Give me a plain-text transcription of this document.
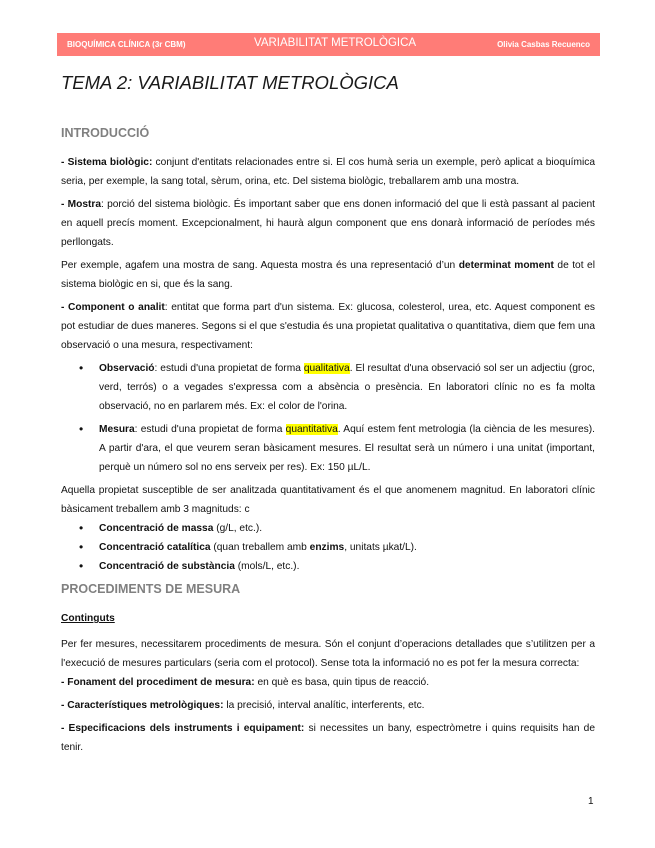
BIOQUÍMICA CLÍNICA (3r CBM)	VARIABILITAT METROLÒGICA	Olivia Casbas Recuenco
TEMA 2: VARIABILITAT METROLÒGICA
INTRODUCCIÓ

- Sistema biològic: conjunt d'entitats relacionades entre si. El cos humà seria un exemple, però aplicat a bioquímica seria, per exemple, la sang total, sèrum, orina, etc. Del sistema biològic, treballarem amb una mostra.

- Mostra: porció del sistema biològic. És important saber que ens donen informació del que li està passant al pacient en aquell precís moment. Excepcionalment, hi haurà algun component que ens donarà informació de períodes més perllongats.

Per exemple, agafem una mostra de sang. Aquesta mostra és una representació d’un determinat moment de tot el sistema biològic en si, que és la sang.

- Component o analit: entitat que forma part d'un sistema. Ex: glucosa, colesterol, urea, etc. Aquest component es pot estudiar de dues maneres. Segons si el que s'estudia és una propietat qualitativa o quantitativa, diem que fem una observació o una mesura, respectivament:

• Observació: estudi d'una propietat de forma qualitativa. El resultat d'una observació sol ser un adjectiu (groc, verd, terrós) o a vegades s'expressa com a absència o presència. En laboratori clínic no es fa molta observació, no en parlarem més. Ex: el color de l'orina.
• Mesura: estudi d'una propietat de forma quantitativa. Aquí estem fent metrologia (la ciència de les mesures). A partir d'ara, el que veurem seran bàsicament mesures. El resultat serà un número i una unitat (important, perquè un número sol no ens serveix per res). Ex: 150 µL/L.

Aquella propietat susceptible de ser analitzada quantitativament és el que anomenem magnitud. En laboratori clínic bàsicament treballem amb 3 magnituds: c

• Concentració de massa (g/L, etc.).
• Concentració catalítica (quan treballem amb enzims, unitats µkat/L).
• Concentració de substància (mols/L, etc.).
PROCEDIMENTS DE MESURA
Continguts

Per fer mesures, necessitarem procediments de mesura. Són el conjunt d’operacions detallades que s’utilitzen per a l'execució de mesures particulars (seria com el protocol). Sense tota la informació no es pot fer la mesura correcta:

- Fonament del procediment de mesura: en què es basa, quin tipus de reacció.

- Característiques metrològiques: la precisió, interval analític, interferents, etc.

- Especificacions dels instruments i equipament: si necessites un bany, espectròmetre i quins requisits han de tenir.

1
